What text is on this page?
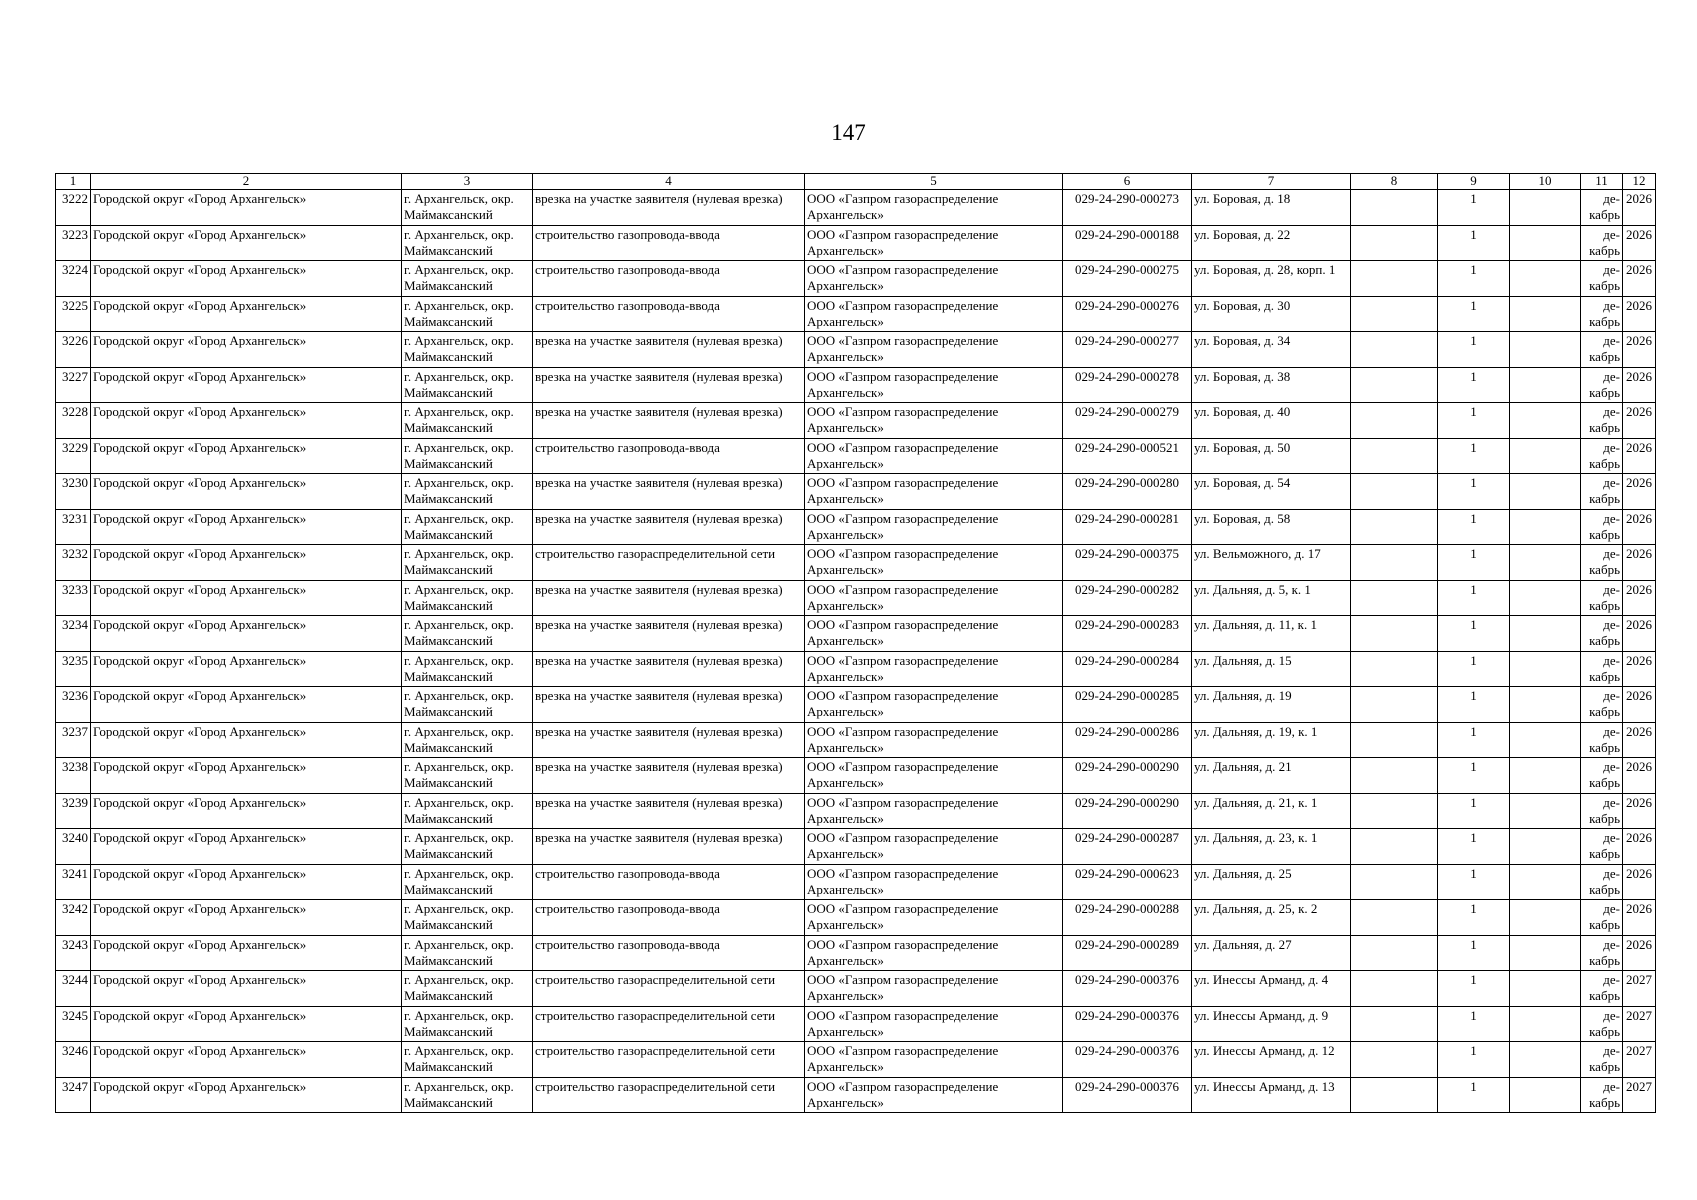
147
1	2	3	4	5	6	7	8	9	10	11	12
3222	Городской округ «Город Архангельск»	г. Архангельск, окр. Маймаксанский	врезка на участке заявителя (нулевая врезка)	ООО «Газпром газораспределение Архангельск»	029-24-290-000273	ул. Боровая, д. 18		1		де-кабрь	2026
3223	Городской округ «Город Архангельск»	г. Архангельск, окр. Маймаксанский	строительство газопровода-ввода	ООО «Газпром газораспределение Архангельск»	029-24-290-000188	ул. Боровая, д. 22		1		де-кабрь	2026
3224	Городской округ «Город Архангельск»	г. Архангельск, окр. Маймаксанский	строительство газопровода-ввода	ООО «Газпром газораспределение Архангельск»	029-24-290-000275	ул. Боровая, д. 28, корп. 1		1		де-кабрь	2026
3225	Городской округ «Город Архангельск»	г. Архангельск, окр. Маймаксанский	строительство газопровода-ввода	ООО «Газпром газораспределение Архангельск»	029-24-290-000276	ул. Боровая, д. 30		1		де-кабрь	2026
3226	Городской округ «Город Архангельск»	г. Архангельск, окр. Маймаксанский	врезка на участке заявителя (нулевая врезка)	ООО «Газпром газораспределение Архангельск»	029-24-290-000277	ул. Боровая, д. 34		1		де-кабрь	2026
3227	Городской округ «Город Архангельск»	г. Архангельск, окр. Маймаксанский	врезка на участке заявителя (нулевая врезка)	ООО «Газпром газораспределение Архангельск»	029-24-290-000278	ул. Боровая, д. 38		1		де-кабрь	2026
3228	Городской округ «Город Архангельск»	г. Архангельск, окр. Маймаксанский	врезка на участке заявителя (нулевая врезка)	ООО «Газпром газораспределение Архангельск»	029-24-290-000279	ул. Боровая, д. 40		1		де-кабрь	2026
3229	Городской округ «Город Архангельск»	г. Архангельск, окр. Маймаксанский	строительство газопровода-ввода	ООО «Газпром газораспределение Архангельск»	029-24-290-000521	ул. Боровая, д. 50		1		де-кабрь	2026
3230	Городской округ «Город Архангельск»	г. Архангельск, окр. Маймаксанский	врезка на участке заявителя (нулевая врезка)	ООО «Газпром газораспределение Архангельск»	029-24-290-000280	ул. Боровая, д. 54		1		де-кабрь	2026
3231	Городской округ «Город Архангельск»	г. Архангельск, окр. Маймаксанский	врезка на участке заявителя (нулевая врезка)	ООО «Газпром газораспределение Архангельск»	029-24-290-000281	ул. Боровая, д. 58		1		де-кабрь	2026
3232	Городской округ «Город Архангельск»	г. Архангельск, окр. Маймаксанский	строительство газораспределительной сети	ООО «Газпром газораспределение Архангельск»	029-24-290-000375	ул. Вельможного, д. 17		1		де-кабрь	2026
3233	Городской округ «Город Архангельск»	г. Архангельск, окр. Маймаксанский	врезка на участке заявителя (нулевая врезка)	ООО «Газпром газораспределение Архангельск»	029-24-290-000282	ул. Дальняя, д. 5, к. 1		1		де-кабрь	2026
3234	Городской округ «Город Архангельск»	г. Архангельск, окр. Маймаксанский	врезка на участке заявителя (нулевая врезка)	ООО «Газпром газораспределение Архангельск»	029-24-290-000283	ул. Дальняя, д. 11, к. 1		1		де-кабрь	2026
3235	Городской округ «Город Архангельск»	г. Архангельск, окр. Маймаксанский	врезка на участке заявителя (нулевая врезка)	ООО «Газпром газораспределение Архангельск»	029-24-290-000284	ул. Дальняя, д. 15		1		де-кабрь	2026
3236	Городской округ «Город Архангельск»	г. Архангельск, окр. Маймаксанский	врезка на участке заявителя (нулевая врезка)	ООО «Газпром газораспределение Архангельск»	029-24-290-000285	ул. Дальняя, д. 19		1		де-кабрь	2026
3237	Городской округ «Город Архангельск»	г. Архангельск, окр. Маймаксанский	врезка на участке заявителя (нулевая врезка)	ООО «Газпром газораспределение Архангельск»	029-24-290-000286	ул. Дальняя, д. 19, к. 1		1		де-кабрь	2026
3238	Городской округ «Город Архангельск»	г. Архангельск, окр. Маймаксанский	врезка на участке заявителя (нулевая врезка)	ООО «Газпром газораспределение Архангельск»	029-24-290-000290	ул. Дальняя, д. 21		1		де-кабрь	2026
3239	Городской округ «Город Архангельск»	г. Архангельск, окр. Маймаксанский	врезка на участке заявителя (нулевая врезка)	ООО «Газпром газораспределение Архангельск»	029-24-290-000290	ул. Дальняя, д. 21, к. 1		1		де-кабрь	2026
3240	Городской округ «Город Архангельск»	г. Архангельск, окр. Маймаксанский	врезка на участке заявителя (нулевая врезка)	ООО «Газпром газораспределение Архангельск»	029-24-290-000287	ул. Дальняя, д. 23, к. 1		1		де-кабрь	2026
3241	Городской округ «Город Архангельск»	г. Архангельск, окр. Маймаксанский	строительство газопровода-ввода	ООО «Газпром газораспределение Архангельск»	029-24-290-000623	ул. Дальняя, д. 25		1		де-кабрь	2026
3242	Городской округ «Город Архангельск»	г. Архангельск, окр. Маймаксанский	строительство газопровода-ввода	ООО «Газпром газораспределение Архангельск»	029-24-290-000288	ул. Дальняя, д. 25, к. 2		1		де-кабрь	2026
3243	Городской округ «Город Архангельск»	г. Архангельск, окр. Маймаксанский	строительство газопровода-ввода	ООО «Газпром газораспределение Архангельск»	029-24-290-000289	ул. Дальняя, д. 27		1		де-кабрь	2026
3244	Городской округ «Город Архангельск»	г. Архангельск, окр. Маймаксанский	строительство газораспределительной сети	ООО «Газпром газораспределение Архангельск»	029-24-290-000376	ул. Инессы Арманд, д. 4		1		де-кабрь	2027
3245	Городской округ «Город Архангельск»	г. Архангельск, окр. Маймаксанский	строительство газораспределительной сети	ООО «Газпром газораспределение Архангельск»	029-24-290-000376	ул. Инессы Арманд, д. 9		1		де-кабрь	2027
3246	Городской округ «Город Архангельск»	г. Архангельск, окр. Маймаксанский	строительство газораспределительной сети	ООО «Газпром газораспределение Архангельск»	029-24-290-000376	ул. Инессы Арманд, д. 12		1		де-кабрь	2027
3247	Городской округ «Город Архангельск»	г. Архангельск, окр. Маймаксанский	строительство газораспределительной сети	ООО «Газпром газораспределение Архангельск»	029-24-290-000376	ул. Инессы Арманд, д. 13		1		де-кабрь	2027
